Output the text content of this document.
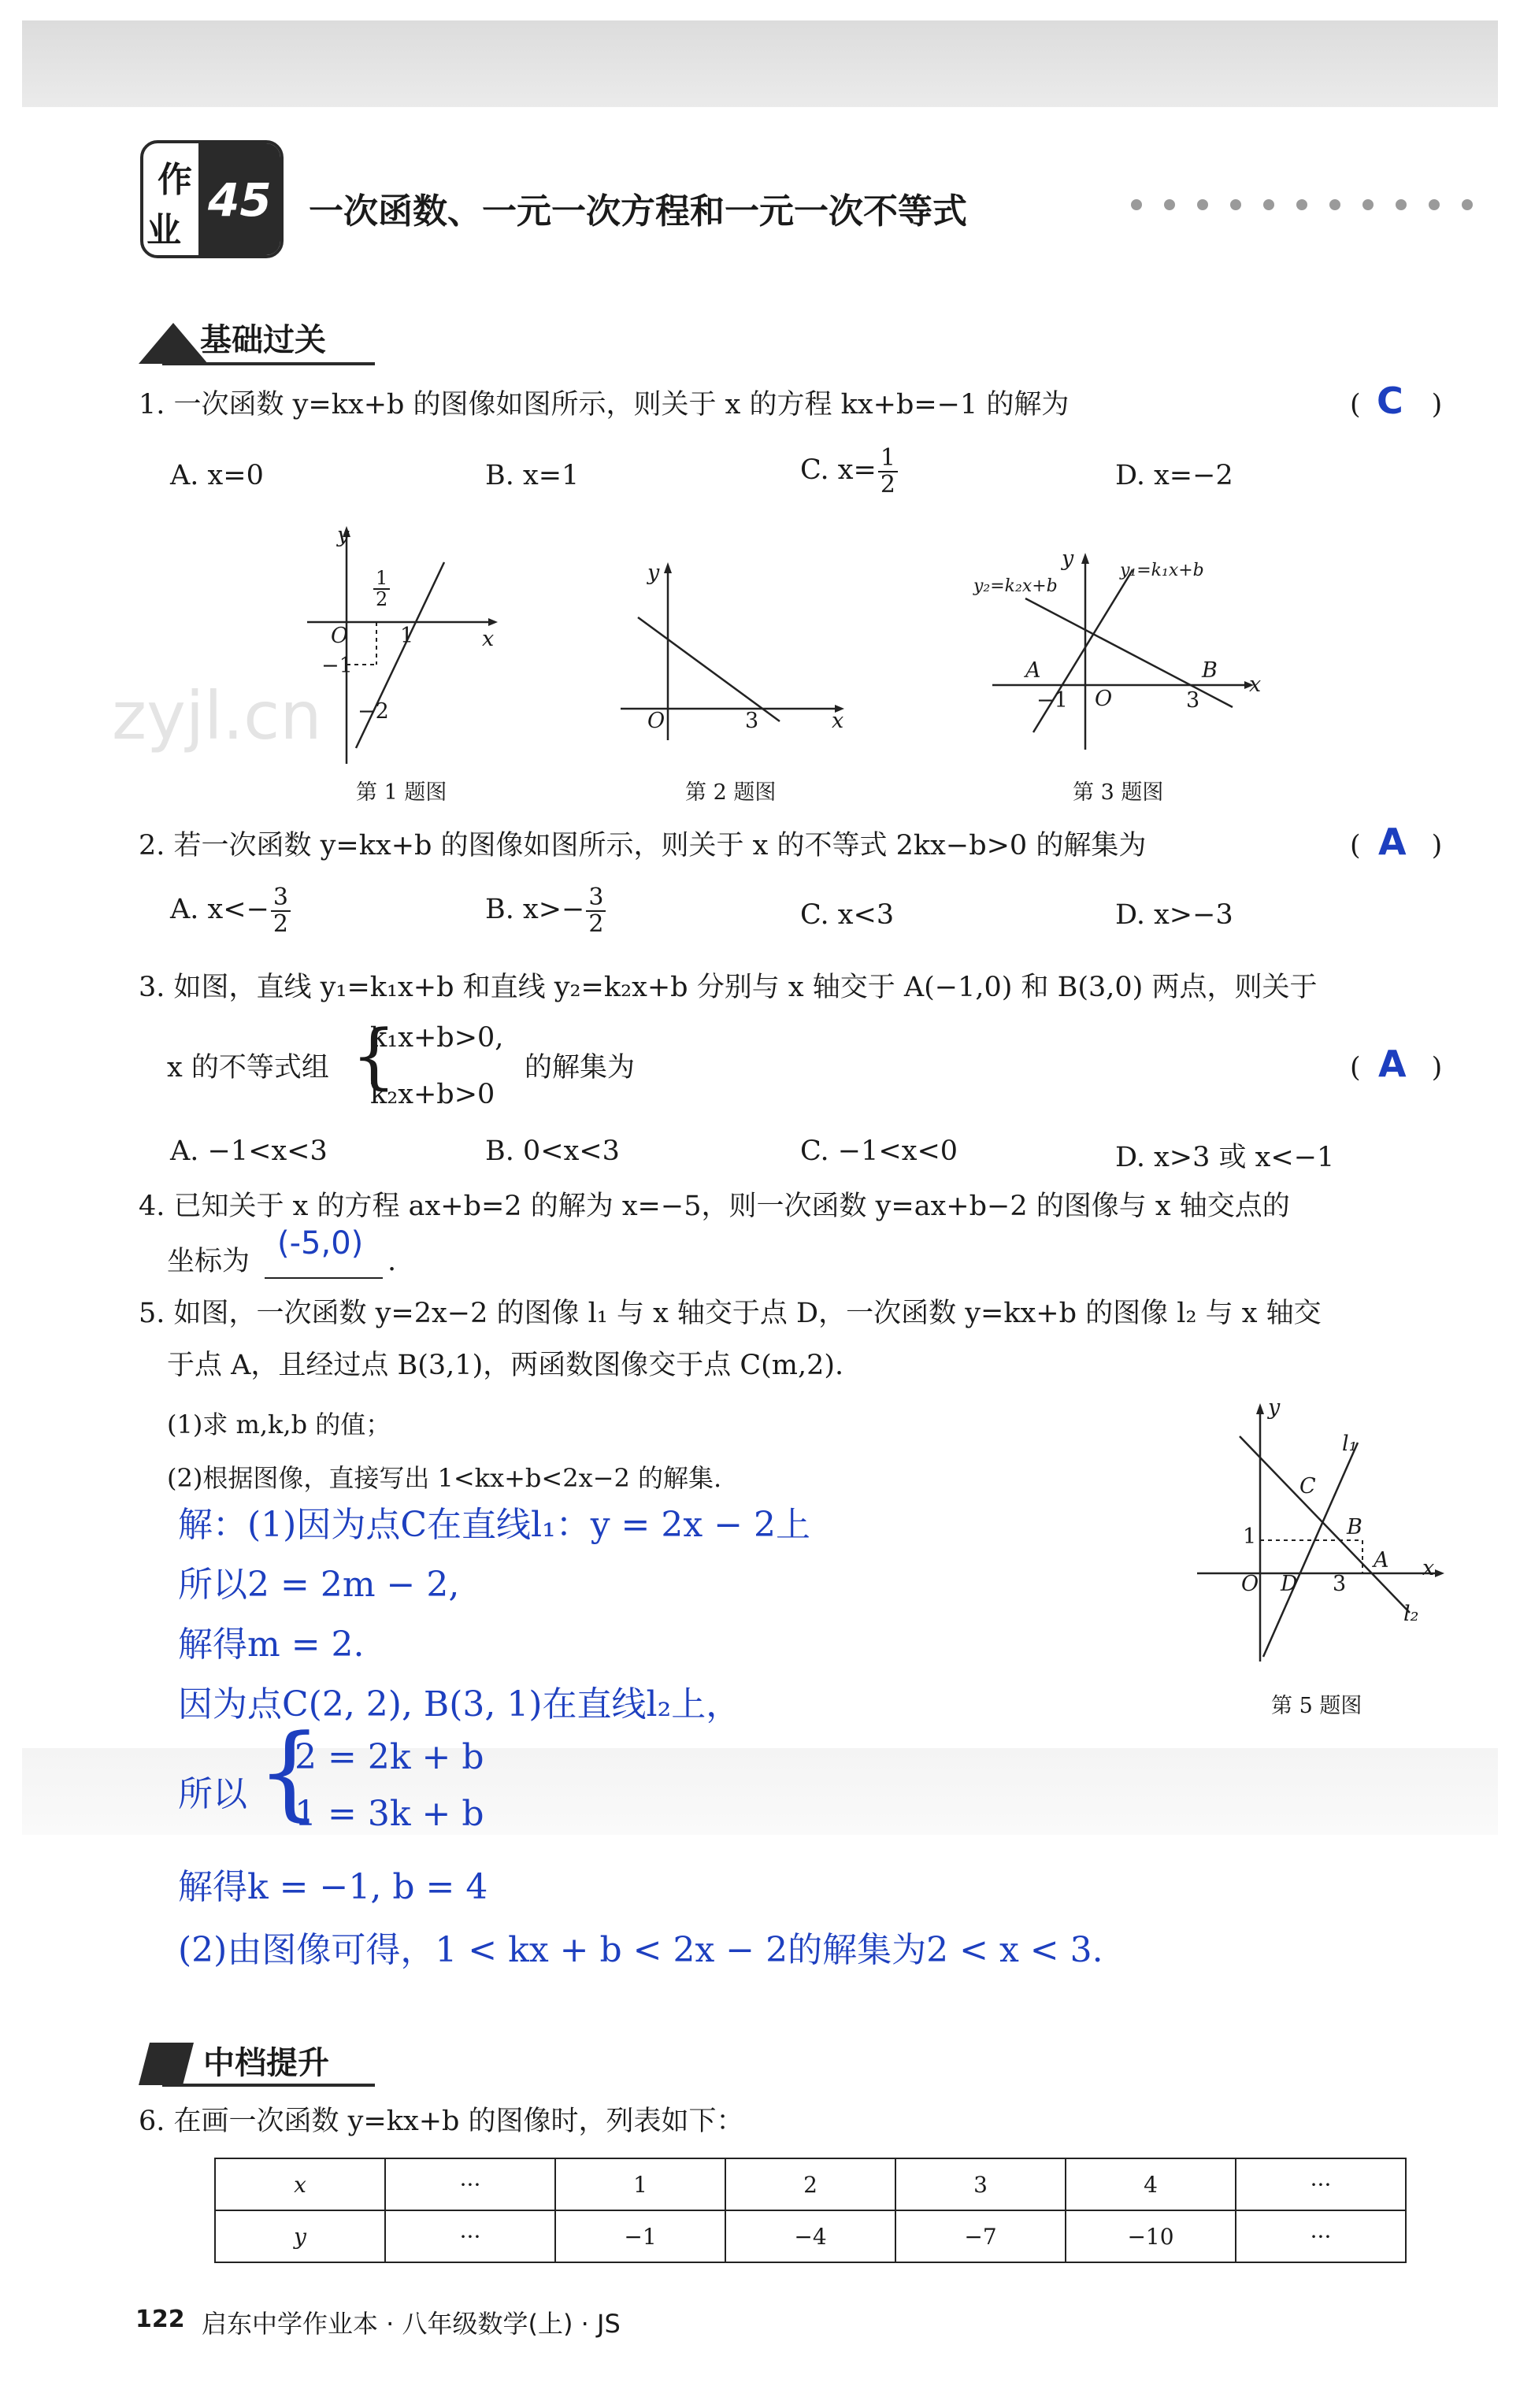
作
业
45 一次函数、一元一次方程和一元一次不等式
基础过关
1. 一次函数 y=kx+b 的图像如图所示，则关于 x 的方程 kx+b=−1 的解为	(	)
C
A. x=0	B. x=1	C. $x= \frac{1}{2}$	D. x=−2
y
x
O
$\frac{1}{2}$
1
−1
−2
第 1 题图
zyjl.cn
y
x
O	3
第 2 题图
y
x
O
−1	3
A	B
y₁=k₁x+b
y₂=k₂x+b
第 3 题图
2. 若一次函数 y=kx+b 的图像如图所示，则关于 x 的不等式 2kx−b>0 的解集为	(	)
A
A. $x<- \frac{3}{2}$	B. $x>- \frac{3}{2}$	C. x<3	D. x>−3
3. 如图，直线 y₁=k₁x+b 和直线 y₂=k₂x+b 分别与 x 轴交于 A(−1,0) 和 B(3,0) 两点，则关于
x 的不等式组 {
k₁x+b>0,
k₂x+b>0
的解集为	(	)
A
A. −1<x<3	B. 0<x<3	C. −1<x<0	D. x>3 或 x<−1
4. 已知关于 x 的方程 ax+b=2 的解为 x=−5，则一次函数 y=ax+b−2 的图像与 x 轴交点的
坐标为 (-5,0) .
5. 如图，一次函数 y=2x−2 的图像 l₁ 与 x 轴交于点 D，一次函数 y=kx+b 的图像 l₂ 与 x 轴交
于点 A，且经过点 B(3,1)，两函数图像交于点 C(m,2).
(1)求 m,k,b 的值；
(2)根据图像，直接写出 1<kx+b<2x−2 的解集.
y
x
O D
C
B
A
1
3
l₁
l₂
第 5 题图
解：(1)因为点C在直线l₁：y = 2x − 2上
所以2 = 2m − 2,
解得m = 2.
因为点C(2, 2), B(3, 1)在直线l₂上，
所以 {
2 = 2k + b
1 = 3k + b
解得k = −1, b = 4
(2)由图像可得，1 < kx + b < 2x − 2的解集为2 < x < 3.
中档提升
6. 在画一次函数 y=kx+b 的图像时，列表如下：
x	···	1	2	3	4	···
y	···	−1	−4	−7	−10	···
122 启东中学作业本 · 八年级数学(上) · JS
